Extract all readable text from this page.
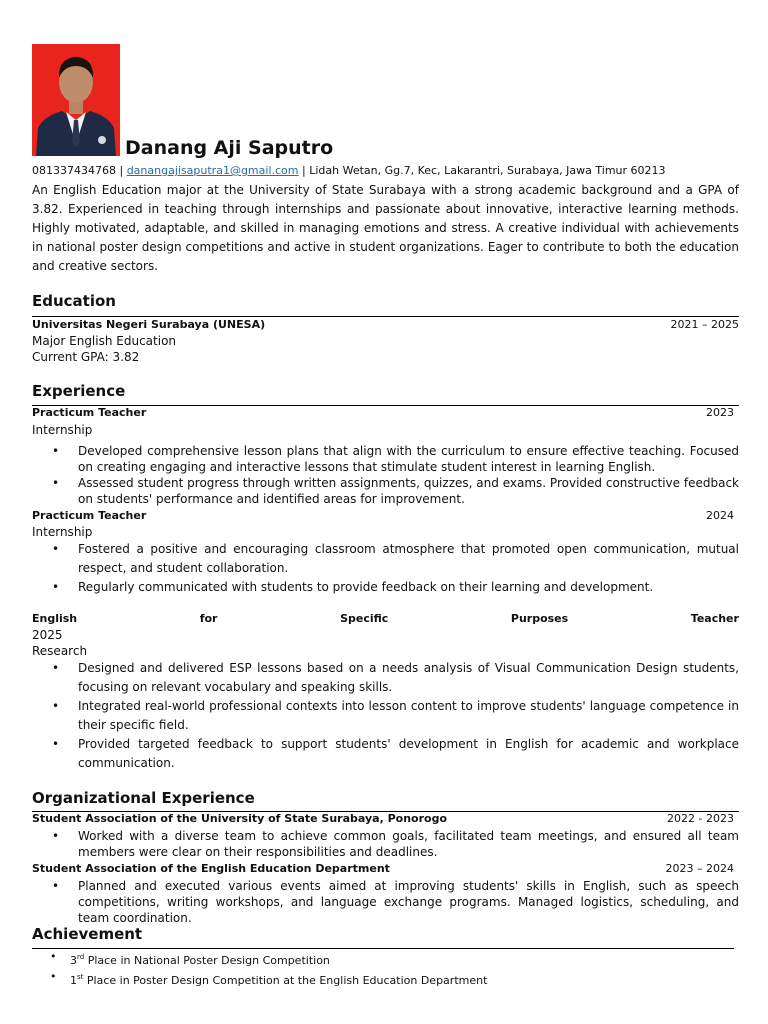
Danang Aji Saputro
081337434768 | danangajisaputra1@gmail.com | Lidah Wetan, Gg.7, Kec, Lakarantri, Surabaya, Jawa Timur 60213
An English Education major at the University of State Surabaya with a strong academic background and a GPA of 3.82. Experienced in teaching through internships and passionate about innovative, interactive learning methods. Highly motivated, adaptable, and skilled in managing emotions and stress. A creative individual with achievements in national poster design competitions and active in student organizations. Eager to contribute to both the education and creative sectors.
Education
Universitas Negeri Surabaya (UNESA)	2021 – 2025
Major English Education
Current GPA: 3.82
Experience
Practicum Teacher	2023
Internship
• Developed comprehensive lesson plans that align with the curriculum to ensure effective teaching. Focused on creating engaging and interactive lessons that stimulate student interest in learning English.
• Assessed student progress through written assignments, quizzes, and exams. Provided constructive feedback on students' performance and identified areas for improvement.
Practicum Teacher	2024
Internship
• Fostered a positive and encouraging classroom atmosphere that promoted open communication, mutual respect, and student collaboration.
• Regularly communicated with students to provide feedback on their learning and development.
English	for	Specific	Purposes	Teacher
2025
Research
• Designed and delivered ESP lessons based on a needs analysis of Visual Communication Design students, focusing on relevant vocabulary and speaking skills.
• Integrated real-world professional contexts into lesson content to improve students' language competence in their specific field.
• Provided targeted feedback to support students' development in English for academic and workplace communication.
Organizational Experience
Student Association of the University of State Surabaya, Ponorogo	2022 - 2023
• Worked with a diverse team to achieve common goals, facilitated team meetings, and ensured all team members were clear on their responsibilities and deadlines.
Student Association of the English Education Department	2023 – 2024
• Planned and executed various events aimed at improving students' skills in English, such as speech competitions, writing workshops, and language exchange programs. Managed logistics, scheduling, and team coordination.
Achievement
• 3rd Place in National Poster Design Competition
• 1st Place in Poster Design Competition at the English Education Department
